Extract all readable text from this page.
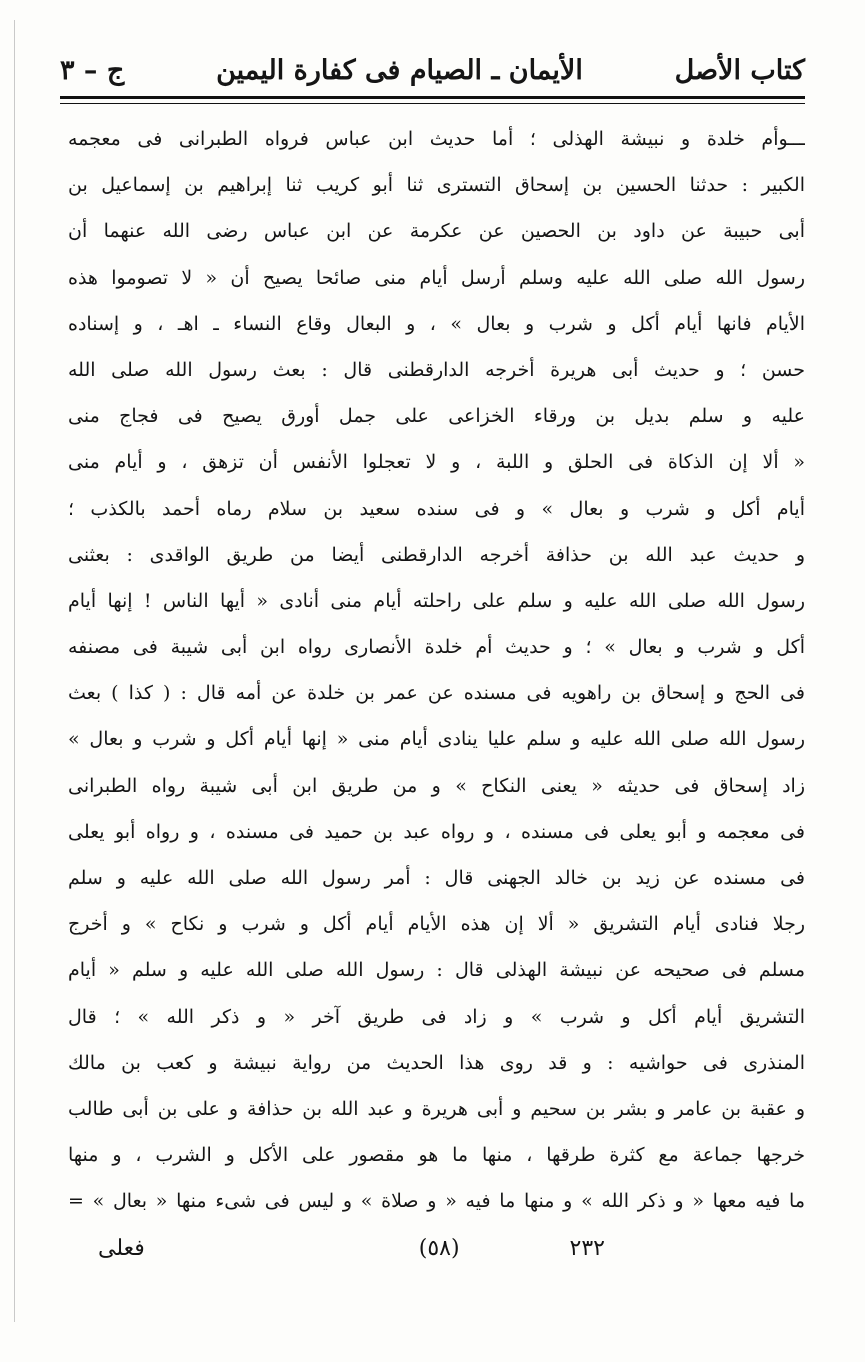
كتاب الأصل
الأيمان ـ الصيام فى كفارة اليمين
ج – ٣
ـــوأم خلدة و نبيشة الهذلى ؛ أما حديث ابن عباس فرواه الطبرانى فى معجمه
الكبير : حدثنا الحسين بن إسحاق التسترى ثنا أبو كريب ثنا إبراهيم بن إسماعيل بن
أبى حبيبة عن داود بن الحصين عن عكرمة عن ابن عباس رضى الله عنهما أن
رسول الله صلى الله عليه وسلم أرسل أيام منى صائحا يصيح أن « لا تصوموا هذه
الأيام فانها أيام أكل و شرب و بعال » ، و البعال وقاع النساء ـ اهـ ، و إسناده
حسن ؛ و حديث أبى هريرة أخرجه الدارقطنى قال : بعث رسول الله صلى الله
عليه و سلم بديل بن ورقاء الخزاعى على جمل أورق يصيح فى فجاج منى
« ألا إن الذكاة فى الحلق و اللبة ، و لا تعجلوا الأنفس أن تزهق ، و أيام منى
أيام أكل و شرب و بعال » و فى سنده سعيد بن سلام رماه أحمد بالكذب ؛
و حديث عبد الله بن حذافة أخرجه الدارقطنى أيضا من طريق الواقدى : بعثنى
رسول الله صلى الله عليه و سلم على راحلته أيام منى أنادى « أيها الناس ! إنها أيام
أكل و شرب و بعال » ؛ و حديث أم خلدة الأنصارى رواه ابن أبى شيبة فى مصنفه
فى الحج و إسحاق بن راهويه فى مسنده عن عمر بن خلدة عن أمه قال : ( كذا ) بعث
رسول الله صلى الله عليه و سلم عليا ينادى أيام منى « إنها أيام أكل و شرب و بعال »
زاد إسحاق فى حديثه « يعنى النكاح » و من طريق ابن أبى شيبة رواه الطبرانى
فى معجمه و أبو يعلى فى مسنده ، و رواه عبد بن حميد فى مسنده ، و رواه أبو يعلى
فى مسنده عن زيد بن خالد الجهنى قال : أمر رسول الله صلى الله عليه و سلم
رجلا فنادى أيام التشريق « ألا إن هذه الأيام أيام أكل و شرب و نكاح » و أخرج
مسلم فى صحيحه عن نبيشة الهذلى قال : رسول الله صلى الله عليه و سلم « أيام
التشريق أيام أكل و شرب » و زاد فى طريق آخر « و ذكر الله » ؛ قال
المنذرى فى حواشيه : و قد روى هذا الحديث من رواية نبيشة و كعب بن مالك
و عقبة بن عامر و بشر بن سحيم و أبى هريرة و عبد الله بن حذافة و على بن أبى طالب
خرجها جماعة مع كثرة طرقها ، منها ما هو مقصور على الأكل و الشرب ، و منها
ما فيه معها « و ذكر الله » و منها ما فيه « و صلاة » و ليس فى شىء منها « بعال » =
٢٣٢
(٥٨)
فعلى
